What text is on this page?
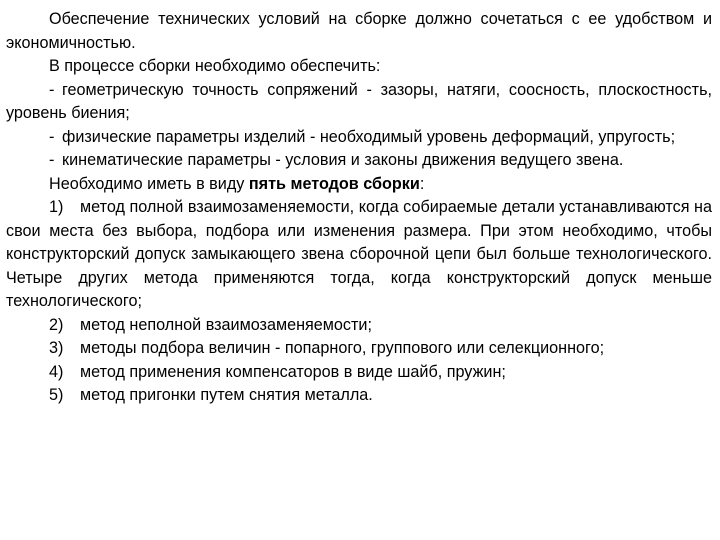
Обеспечение технических условий на сборке должно сочетаться с ее удобством и экономичностью.

В процессе сборки необходимо обеспечить:

- геометрическую точность сопряжений - зазоры, натяги, соосность, плоскостность, уровень биения;

- физические параметры изделий - необходимый уровень деформаций, упругость;

- кинематические параметры - условия и законы движения ведущего звена.

Необходимо иметь в виду пять методов сборки:

1) метод полной взаимозаменяемости, когда собираемые детали устанавливаются на свои места без выбора, подбора или изменения размера. При этом необходимо, чтобы конструкторский допуск замыкающего звена сборочной цепи был больше технологического. Четыре других метода применяются тогда, когда конструкторский допуск меньше технологического;

2) метод неполной взаимозаменяемости;

3) методы подбора величин - попарного, группового или селекционного;

4) метод применения компенсаторов в виде шайб, пружин;

5) метод пригонки путем снятия металла.
